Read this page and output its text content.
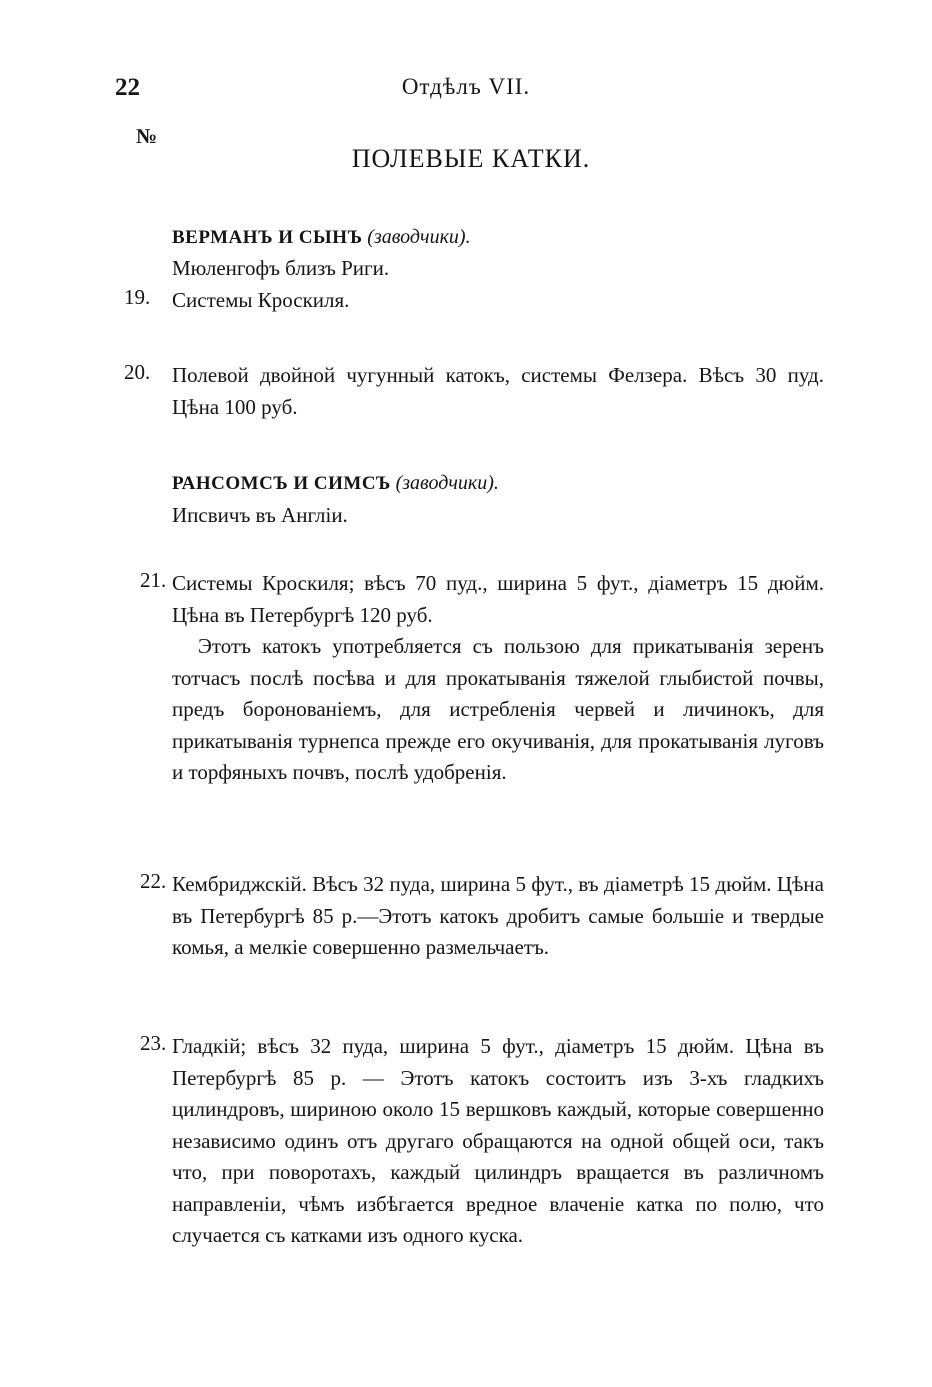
22	Отдѣлъ VII.
№
ПОЛЕВЫЕ КАТКИ.
ВЕРМАНЪ И СЫНЪ (заводчики).
Мюленгофъ близъ Риги.
19. Системы Кроскиля.
20. Полевой двойной чугунный катокъ, системы Фелзера. Вѣсъ 30 пуд. Цѣна 100 руб.
РАНСОМСЪ И СИМСЪ (заводчики).
Ипсвичъ въ Англіи.
21. Системы Кроскиля; вѣсъ 70 пуд., ширина 5 фут., діаметръ 15 дюйм. Цѣна въ Петербургѣ 120 руб.

Этотъ катокъ употребляется съ пользою для прикатыванія зеренъ тотчасъ послѣ посѣва и для прокатыванія тяжелой глыбистой почвы, предъ боронованіемъ, для истребленія червей и личинокъ, для прикатыванія турнепса прежде его окучиванія, для прокатыванія луговъ и торфяныхъ почвъ, послѣ удобренія.

22. Кембриджскій. Вѣсъ 32 пуда, ширина 5 фут., въ діаметрѣ 15 дюйм. Цѣна въ Петербургѣ 85 р.—Этотъ катокъ дробитъ самые большіе и твердые комья, а мелкіе совершенно размельчаетъ.
23. Гладкій; вѣсъ 32 пуда, ширина 5 фут., діаметръ 15 дюйм. Цѣна въ Петербургѣ 85 р. — Этотъ катокъ состоитъ изъ 3-хъ гладкихъ цилиндровъ, шириною около 15 вершковъ каждый, которые совершенно независимо одинъ отъ другаго обращаются на одной общей оси, такъ что, при поворотахъ, каждый цилиндръ вращается въ различномъ направленіи, чѣмъ избѣгается вредное влаченіе катка по полю, что случается съ катками изъ одного куска.
